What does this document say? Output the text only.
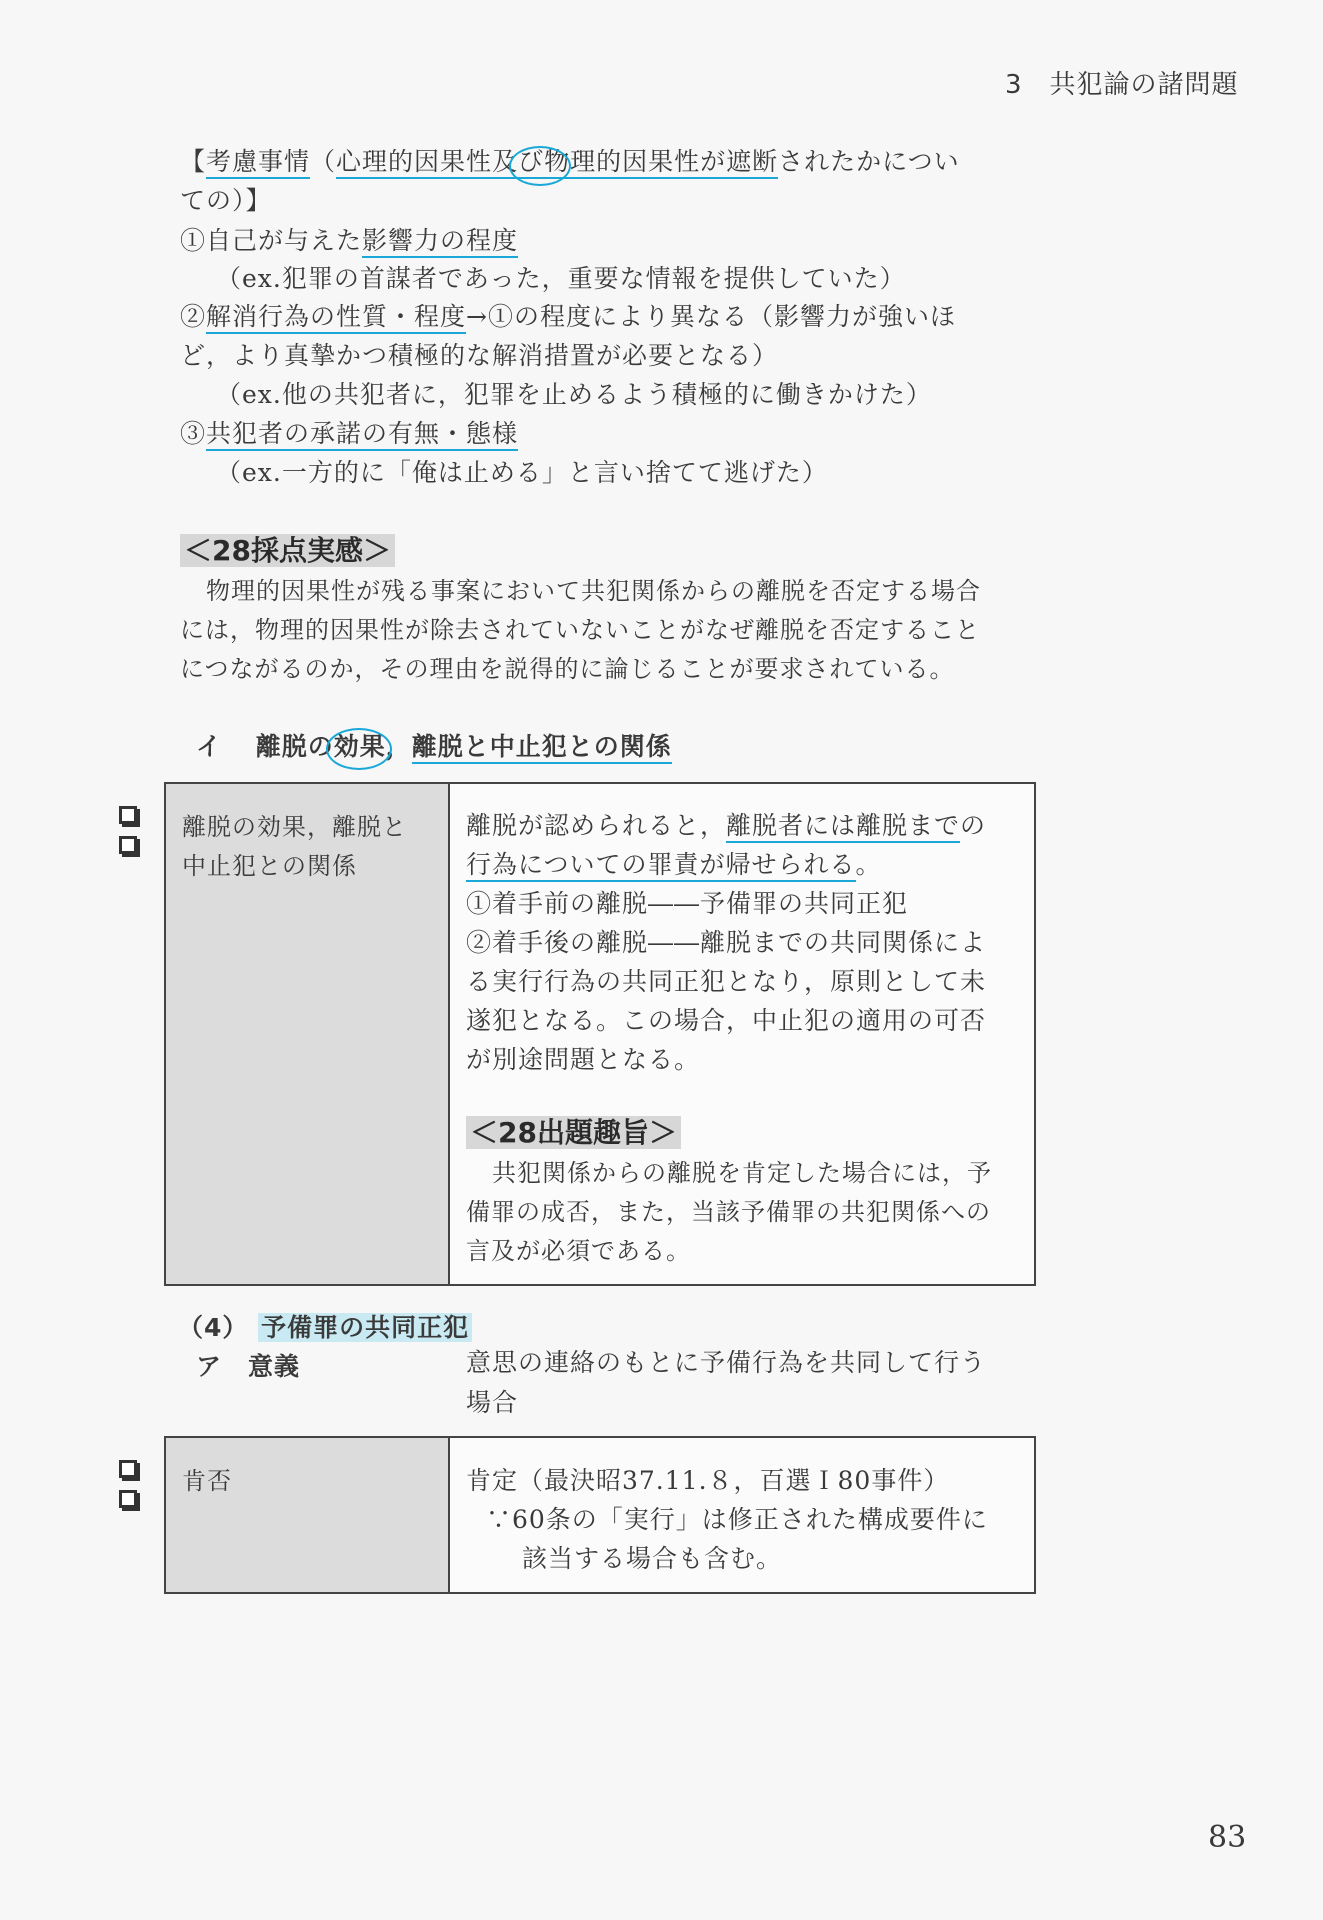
3　共犯論の諸問題
【考慮事情（心理的因果性及び物理的因果性が遮断されたかについ
ての）】
①自己が与えた影響力の程度
（ex.犯罪の首謀者であった，重要な情報を提供していた）
②解消行為の性質・程度→①の程度により異なる（影響力が強いほ
ど，より真摯かつ積極的な解消措置が必要となる）
（ex.他の共犯者に，犯罪を止めるよう積極的に働きかけた）
③共犯者の承諾の有無・態様
（ex.一方的に「俺は止める」と言い捨てて逃げた）
＜28採点実感＞
物理的因果性が残る事案において共犯関係からの離脱を否定する場合
には，物理的因果性が除去されていないことがなぜ離脱を否定すること
につながるのか，その理由を説得的に論じることが要求されている。
イ 離脱の効果，離脱と中止犯との関係
離脱の効果，離脱と
中止犯との関係
離脱が認められると，離脱者には離脱までの
行為についての罪責が帰せられる。
①着手前の離脱――予備罪の共同正犯
②着手後の離脱――離脱までの共同関係によ
る実行行為の共同正犯となり，原則として未
遂犯となる。この場合，中止犯の適用の可否
が別途問題となる。
＜28出題趣旨＞
共犯関係からの離脱を肯定した場合には，予
備罪の成否，また，当該予備罪の共犯関係への
言及が必須である。
（4） 予備罪の共同正犯
ア　意義	意思の連絡のもとに予備行為を共同して行う
場合
肯否	肯定（最決昭37.11.８，百選Ｉ80事件）
∵60条の「実行」は修正された構成要件に
該当する場合も含む。
83
